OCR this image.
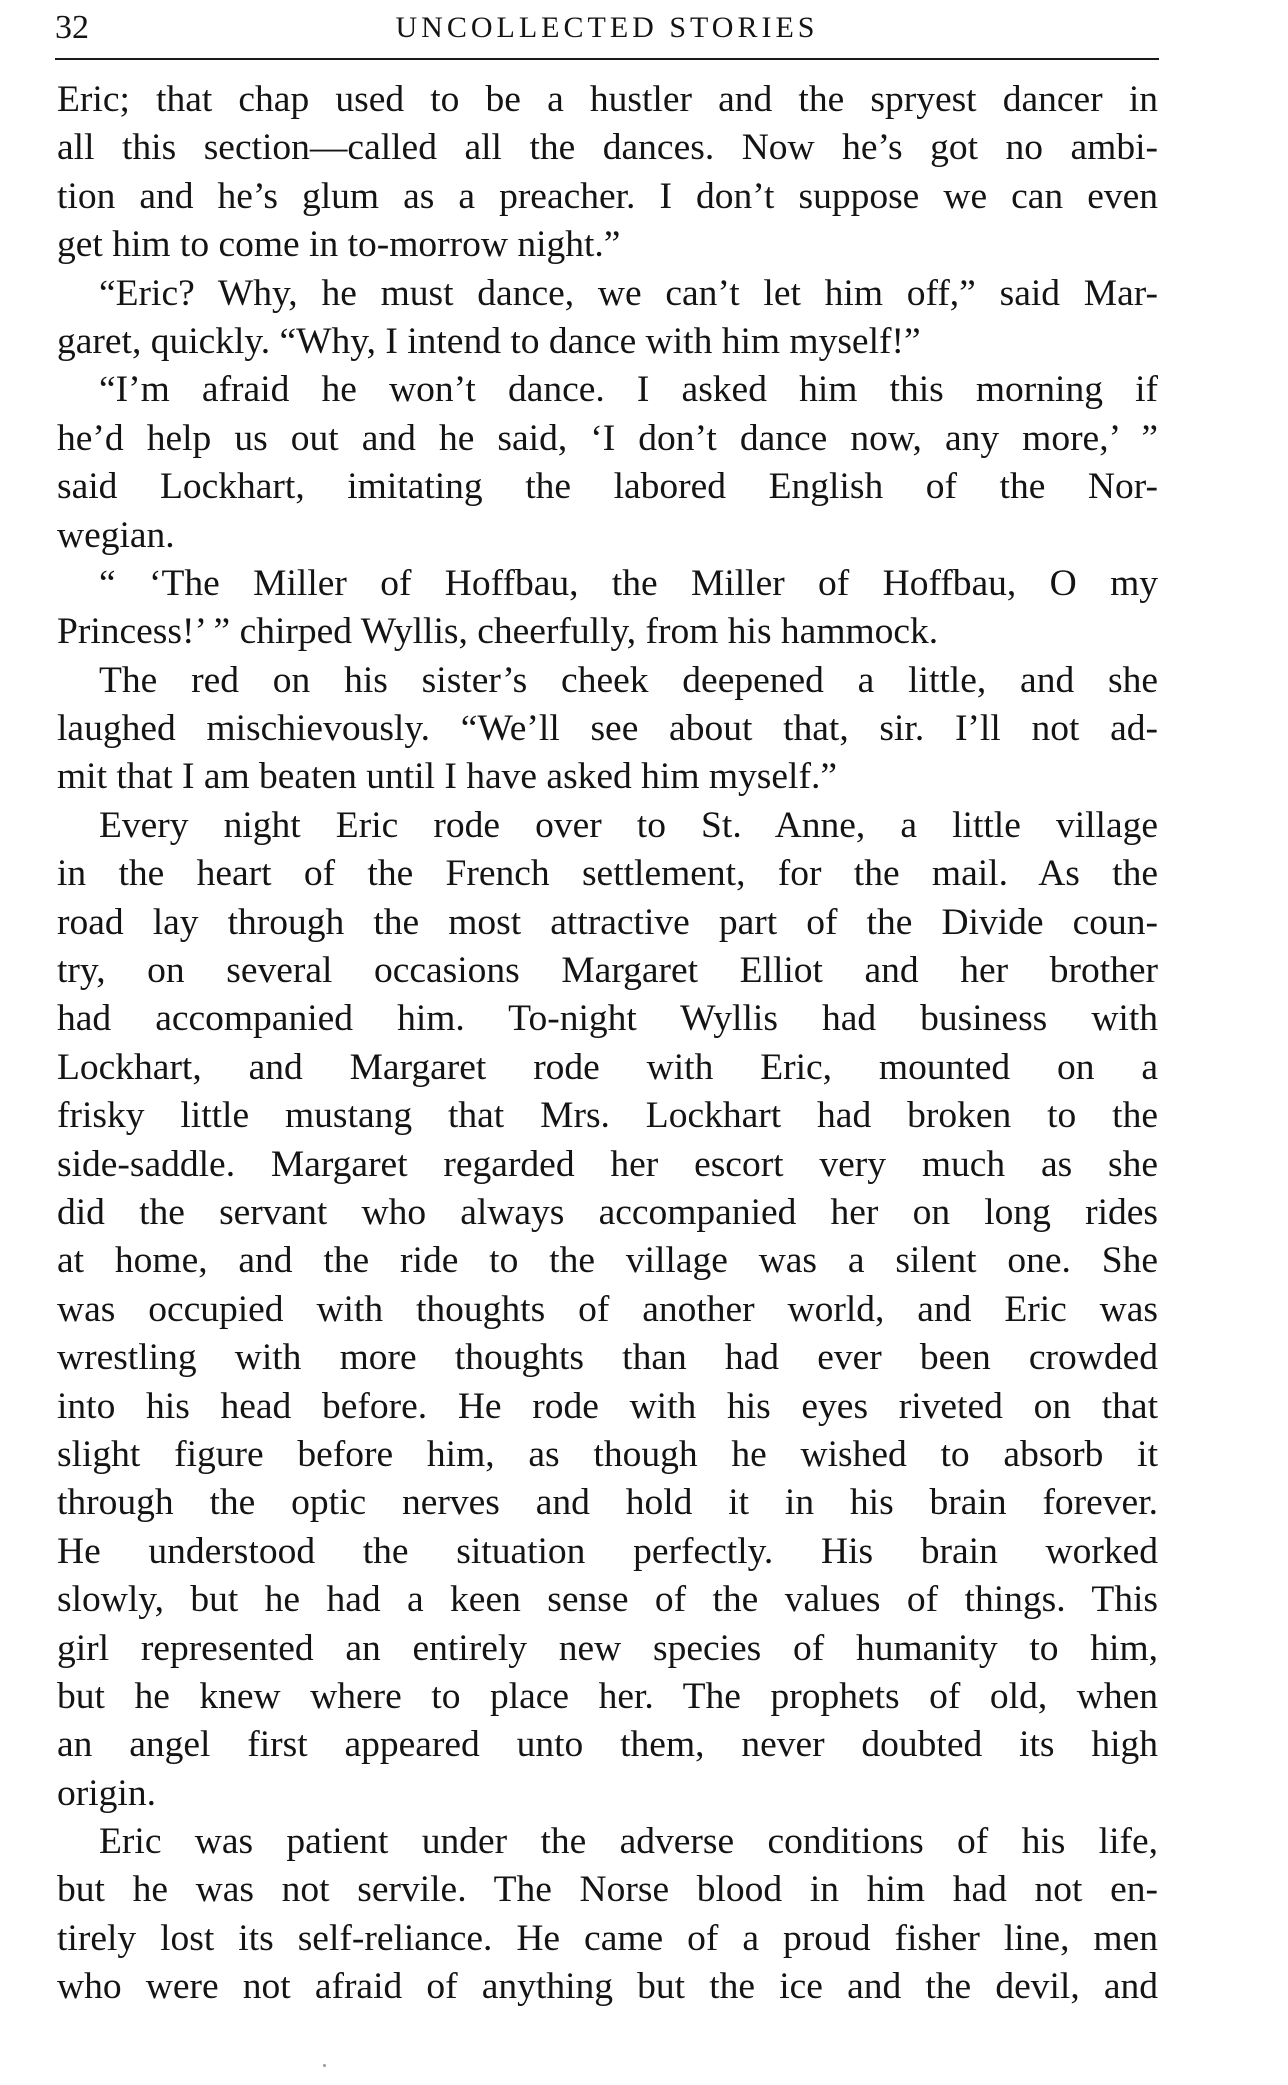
32	UNCOLLECTED STORIES
Eric; that chap used to be a hustler and the spryest dancer in
all this section—called all the dances. Now he’s got no ambi-
tion and he’s glum as a preacher. I don’t suppose we can even
get him to come in to-morrow night.”
“Eric? Why, he must dance, we can’t let him off,” said Mar-
garet, quickly. “Why, I intend to dance with him myself!”
“I’m afraid he won’t dance. I asked him this morning if
he’d help us out and he said, ‘I don’t dance now, any more,’ ”
said Lockhart, imitating the labored English of the Nor-
wegian.
“ ‘The Miller of Hoffbau, the Miller of Hoffbau, O my
Princess!’ ” chirped Wyllis, cheerfully, from his hammock.
The red on his sister’s cheek deepened a little, and she
laughed mischievously. “We’ll see about that, sir. I’ll not ad-
mit that I am beaten until I have asked him myself.”
Every night Eric rode over to St. Anne, a little village
in the heart of the French settlement, for the mail. As the
road lay through the most attractive part of the Divide coun-
try, on several occasions Margaret Elliot and her brother
had accompanied him. To-night Wyllis had business with
Lockhart, and Margaret rode with Eric, mounted on a
frisky little mustang that Mrs. Lockhart had broken to the
side-saddle. Margaret regarded her escort very much as she
did the servant who always accompanied her on long rides
at home, and the ride to the village was a silent one. She
was occupied with thoughts of another world, and Eric was
wrestling with more thoughts than had ever been crowded
into his head before. He rode with his eyes riveted on that
slight figure before him, as though he wished to absorb it
through the optic nerves and hold it in his brain forever.
He understood the situation perfectly. His brain worked
slowly, but he had a keen sense of the values of things. This
girl represented an entirely new species of humanity to him,
but he knew where to place her. The prophets of old, when
an angel first appeared unto them, never doubted its high
origin.
Eric was patient under the adverse conditions of his life,
but he was not servile. The Norse blood in him had not en-
tirely lost its self-reliance. He came of a proud fisher line, men
who were not afraid of anything but the ice and the devil, and
